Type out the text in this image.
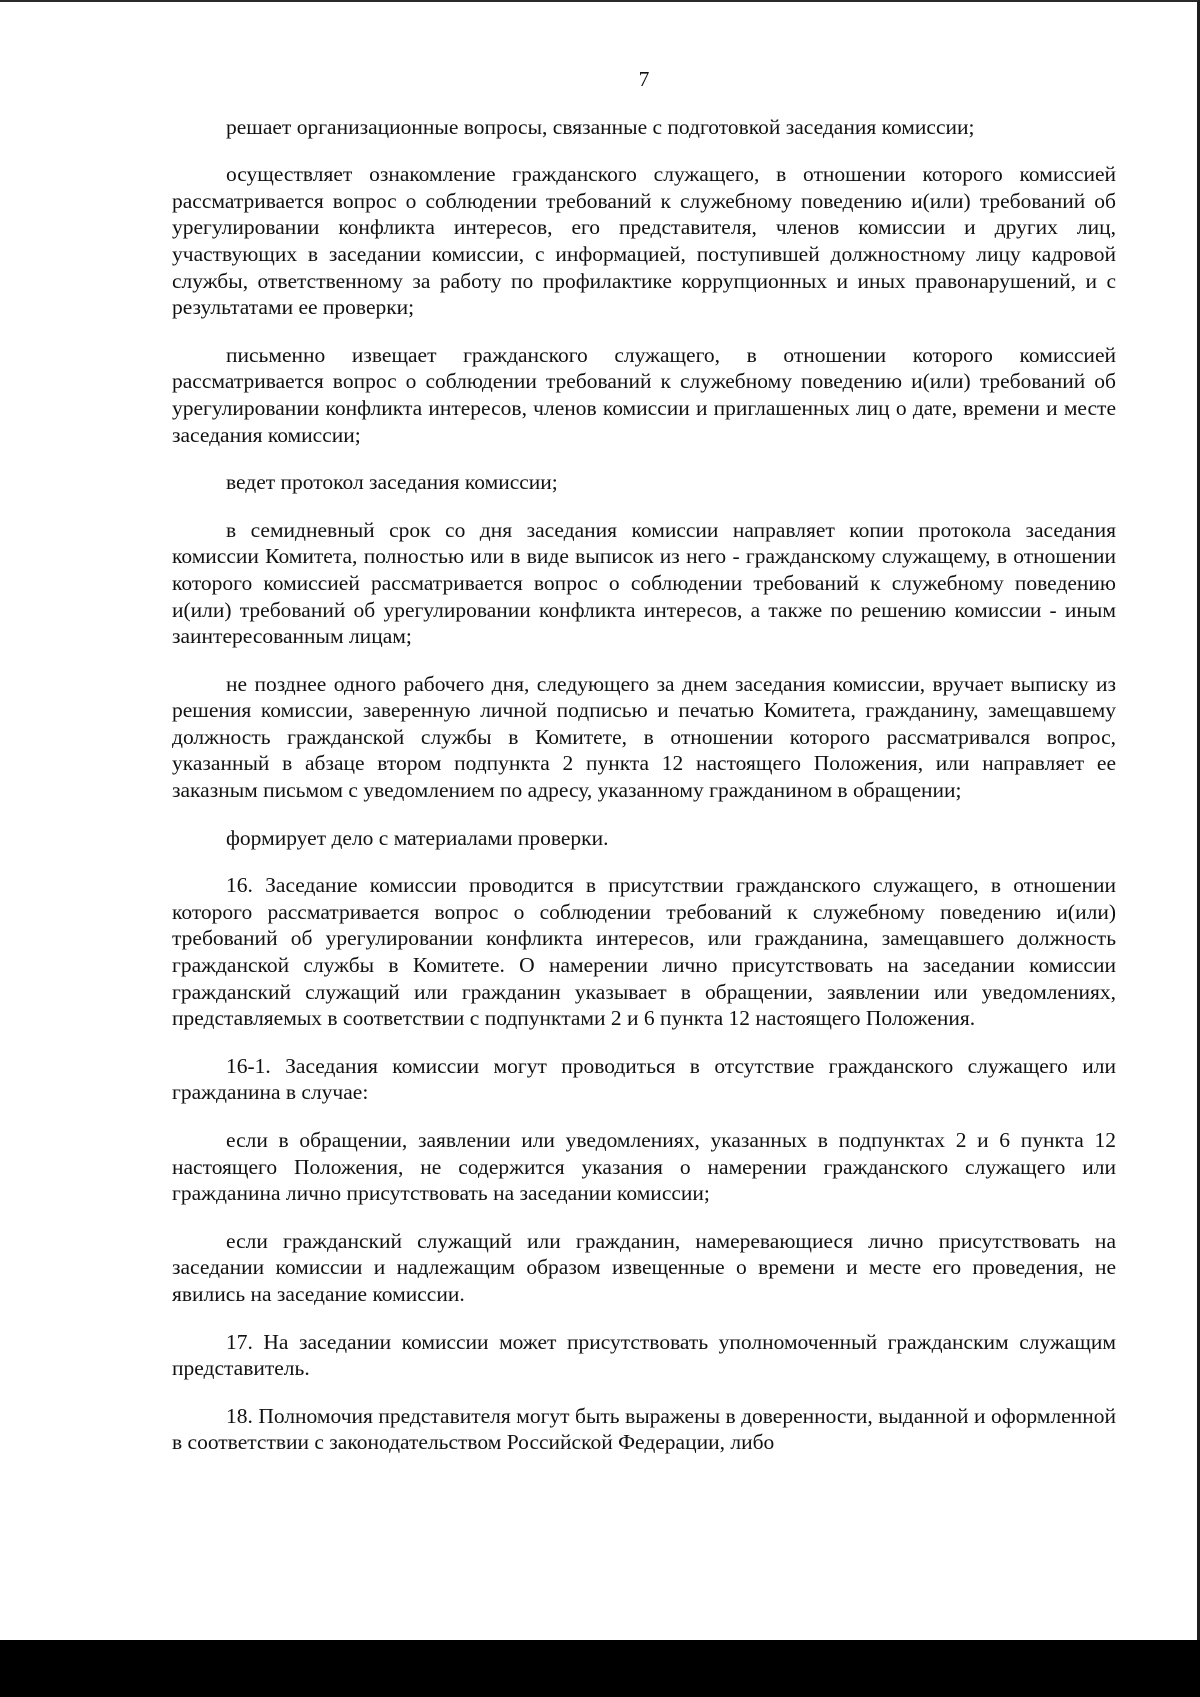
7

решает организационные вопросы, связанные с подготовкой заседания комиссии;

осуществляет ознакомление гражданского служащего, в отношении которого комиссией рассматривается вопрос о соблюдении требований к служебному поведению и(или) требований об урегулировании конфликта интересов, его представителя, членов комиссии и других лиц, участвующих в заседании комиссии, с информацией, поступившей должностному лицу кадровой службы, ответственному за работу по профилактике коррупционных и иных правонарушений, и с результатами ее проверки;

письменно извещает гражданского служащего, в отношении которого комиссией рассматривается вопрос о соблюдении требований к служебному поведению и(или) требований об урегулировании конфликта интересов, членов комиссии и приглашенных лиц о дате, времени и месте заседания комиссии;

ведет протокол заседания комиссии;

в семидневный срок со дня заседания комиссии направляет копии протокола заседания комиссии Комитета, полностью или в виде выписок из него - гражданскому служащему, в отношении которого комиссией рассматривается вопрос о соблюдении требований к служебному поведению и(или) требований об урегулировании конфликта интересов, а также по решению комиссии - иным заинтересованным лицам;

не позднее одного рабочего дня, следующего за днем заседания комиссии, вручает выписку из решения комиссии, заверенную личной подписью и печатью Комитета, гражданину, замещавшему должность гражданской службы в Комитете, в отношении которого рассматривался вопрос, указанный в абзаце втором подпункта 2 пункта 12 настоящего Положения, или направляет ее заказным письмом с уведомлением по адресу, указанному гражданином в обращении;

формирует дело с материалами проверки.

16. Заседание комиссии проводится в присутствии гражданского служащего, в отношении которого рассматривается вопрос о соблюдении требований к служебному поведению и(или) требований об урегулировании конфликта интересов, или гражданина, замещавшего должность гражданской службы в Комитете. О намерении лично присутствовать на заседании комиссии гражданский служащий или гражданин указывает в обращении, заявлении или уведомлениях, представляемых в соответствии с подпунктами 2 и 6 пункта 12 настоящего Положения.

16-1. Заседания комиссии могут проводиться в отсутствие гражданского служащего или гражданина в случае:

если в обращении, заявлении или уведомлениях, указанных в подпунктах 2 и 6 пункта 12 настоящего Положения, не содержится указания о намерении гражданского служащего или гражданина лично присутствовать на заседании комиссии;

если гражданский служащий или гражданин, намеревающиеся лично присутствовать на заседании комиссии и надлежащим образом извещенные о времени и месте его проведения, не явились на заседание комиссии.

17. На заседании комиссии может присутствовать уполномоченный гражданским служащим представитель.

18. Полномочия представителя могут быть выражены в доверенности, выданной и оформленной в соответствии с законодательством Российской Федерации, либо
